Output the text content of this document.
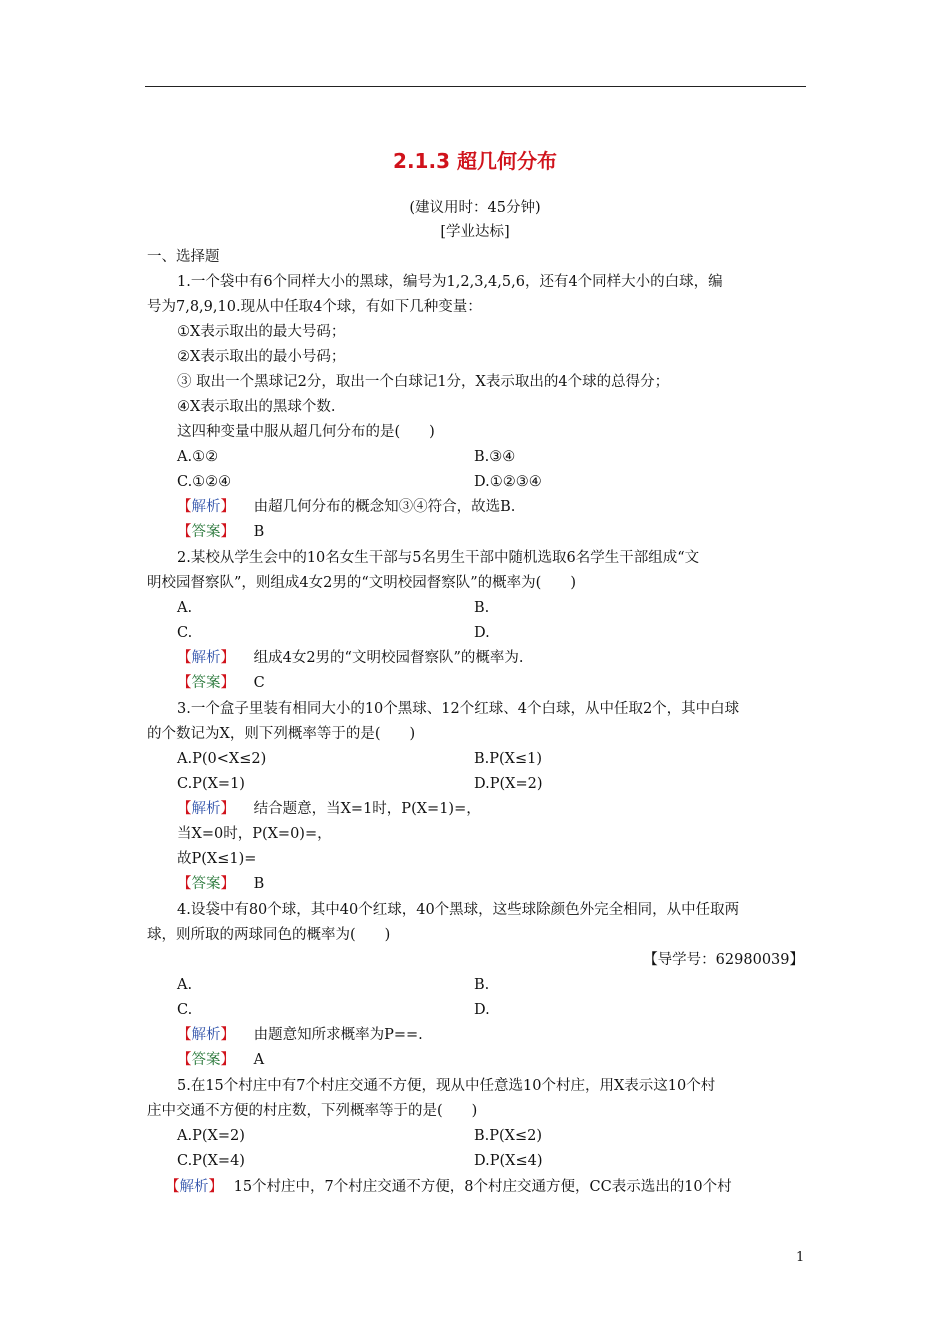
2.1.3 超几何分布
(建议用时：45分钟)
[学业达标]
一、选择题
1.一个袋中有6个同样大小的黑球，编号为1,2,3,4,5,6，还有4个同样大小的白球，编
号为7,8,9,10.现从中任取4个球，有如下几种变量：
①X表示取出的最大号码；
②X表示取出的最小号码；
③ 取出一个黑球记2分，取出一个白球记1分，X表示取出的4个球的总得分；
④X表示取出的黑球个数.
这四种变量中服从超几何分布的是(　　)
A.①②	B.③④
C.①②④	D.①②③④
【解析】 由超几何分布的概念知③④符合，故选B.
【答案】 B
2.某校从学生会中的10名女生干部与5名男生干部中随机选取6名学生干部组成“文
明校园督察队”，则组成4女2男的“文明校园督察队”的概率为(　　)
A.	B.
C.	D.
【解析】 组成4女2男的“文明校园督察队”的概率为.
【答案】 C
3.一个盒子里装有相同大小的10个黑球、12个红球、4个白球，从中任取2个，其中白球
的个数记为X，则下列概率等于的是(　　)
A.P(0<X≤2)	B.P(X≤1)
C.P(X=1)	D.P(X=2)
【解析】 结合题意，当X=1时，P(X=1)=，
当X=0时，P(X=0)=，
故P(X≤1)=
【答案】 B
4.设袋中有80个球，其中40个红球，40个黑球，这些球除颜色外完全相同，从中任取两
球，则所取的两球同色的概率为(　　)
【导学号：62980039】
A.	B.
C.	D.
【解析】 由题意知所求概率为P==.
【答案】 A
5.在15个村庄中有7个村庄交通不方便，现从中任意选10个村庄，用X表示这10个村
庄中交通不方便的村庄数，下列概率等于的是(　　)
A.P(X=2)	B.P(X≤2)
C.P(X=4)	D.P(X≤4)
【解析】 15个村庄中，7个村庄交通不方便，8个村庄交通方便，CC表示选出的10个村
1
